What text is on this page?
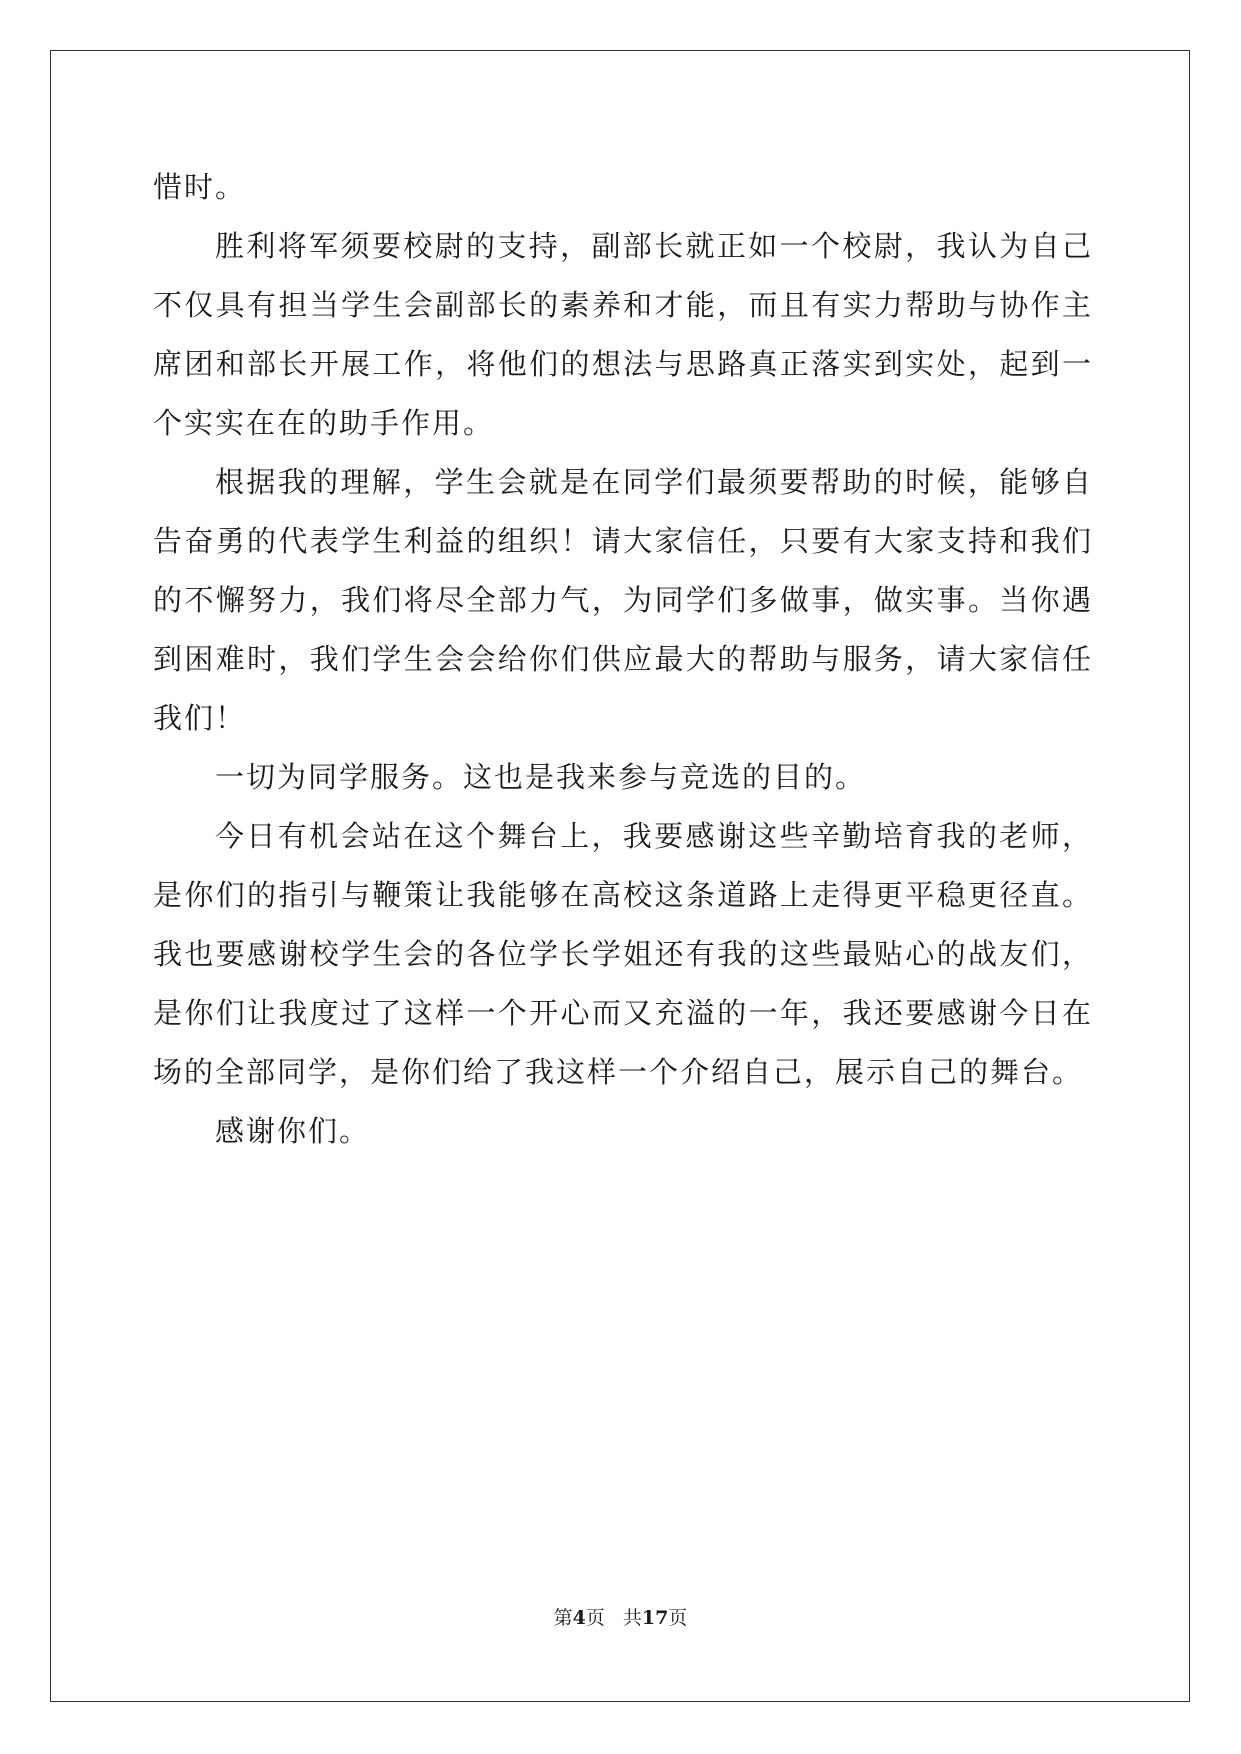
惜时。

胜利将军须要校尉的支持，副部长就正如一个校尉，我认为自己不仅具有担当学生会副部长的素养和才能，而且有实力帮助与协作主席团和部长开展工作，将他们的想法与思路真正落实到实处，起到一个实实在在的助手作用。

根据我的理解，学生会就是在同学们最须要帮助的时候，能够自告奋勇的代表学生利益的组织！请大家信任，只要有大家支持和我们的不懈努力，我们将尽全部力气，为同学们多做事，做实事。当你遇到困难时，我们学生会会给你们供应最大的帮助与服务，请大家信任我们！

一切为同学服务。这也是我来参与竞选的目的。

今日有机会站在这个舞台上，我要感谢这些辛勤培育我的老师，是你们的指引与鞭策让我能够在高校这条道路上走得更平稳更径直。我也要感谢校学生会的各位学长学姐还有我的这些最贴心的战友们，是你们让我度过了这样一个开心而又充溢的一年，我还要感谢今日在场的全部同学，是你们给了我这样一个介绍自己，展示自己的舞台。

感谢你们。

第4页 共17页
